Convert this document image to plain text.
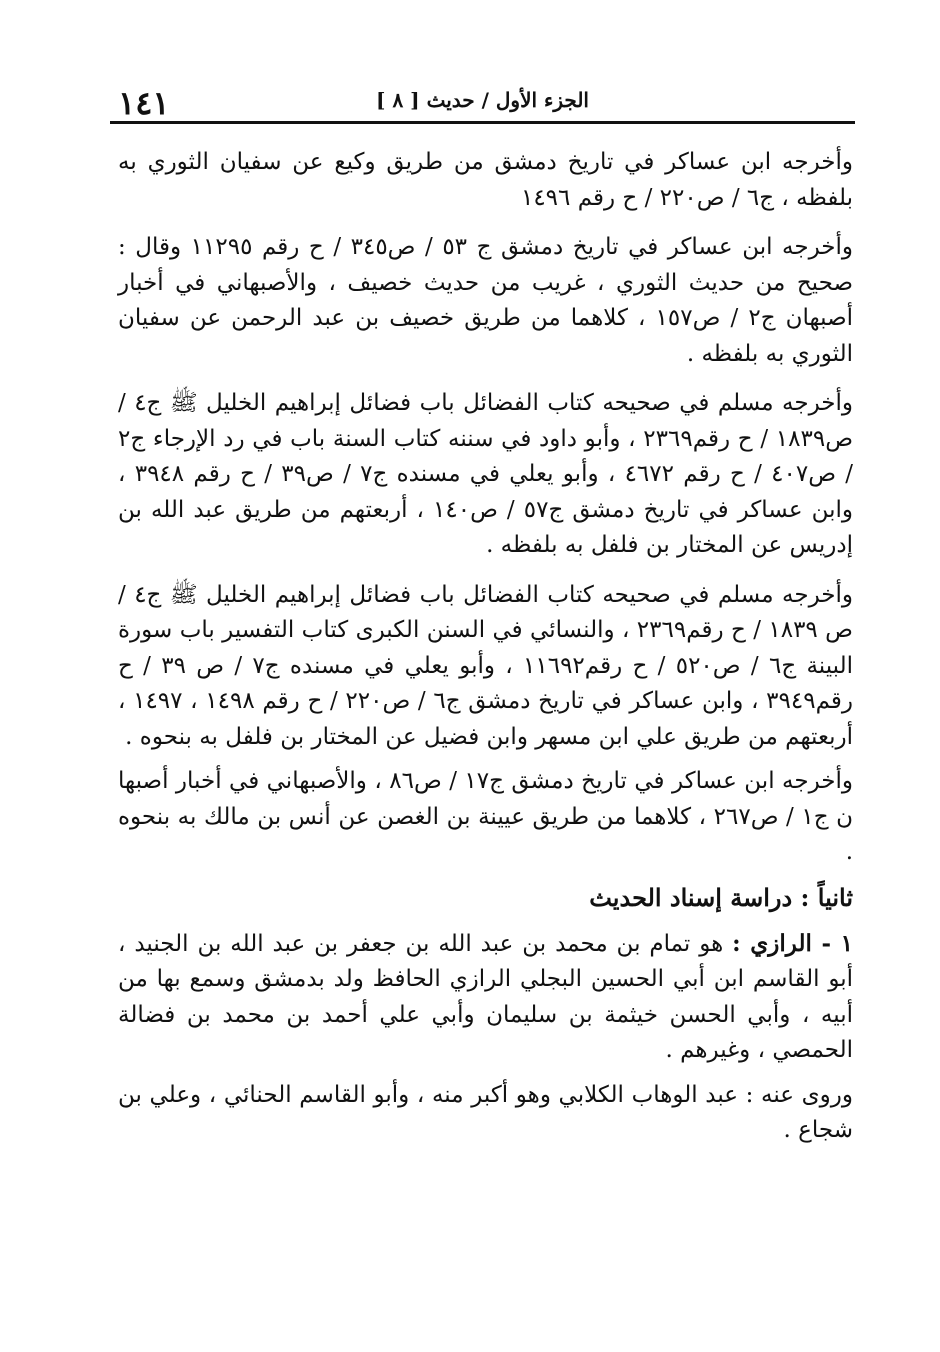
١٤١	الجزء الأول / حديث [ ٨ ]

وأخرجه ابن عساكر في تاريخ دمشق من طريق وكيع عن سفيان الثوري به بلفظه ، ج٦ / ص٢٢٠ / ح رقم ١٤٩٦

وأخرجه ابن عساكر في تاريخ دمشق ج ٥٣ / ص٣٤٥ / ح رقم ١١٢٩٥ وقال : صحيح من حديث الثوري ، غريب من حديث خصيف ، والأصبهاني في أخبار أصبهان ج٢ / ص١٥٧ ، كلاهما من طريق خصيف بن عبد الرحمن عن سفيان الثوري به بلفظه .

وأخرجه مسلم في صحيحه كتاب الفضائل باب فضائل إبراهيم الخليل ﷺ ج٤ / ص١٨٣٩ / ح رقم٢٣٦٩ ، وأبو داود في سننه كتاب السنة باب في رد الإرجاء ج٢ / ص٤٠٧ / ح رقم ٤٦٧٢ ، وأبو يعلي في مسنده ج٧ / ص٣٩ / ح رقم ٣٩٤٨ ، وابن عساكر في تاريخ دمشق ج٥٧ / ص١٤٠ ، أربعتهم من طريق عبد الله بن إدريس عن المختار بن فلفل به بلفظه .

وأخرجه مسلم في صحيحه كتاب الفضائل باب فضائل إبراهيم الخليل ﷺ ج٤ / ص ١٨٣٩ / ح رقم٢٣٦٩ ، والنسائي في السنن الكبرى كتاب التفسير باب سورة البينة ج٦ / ص٥٢٠ / ح رقم١١٦٩٢ ، وأبو يعلي في مسنده ج٧ / ص ٣٩ / ح رقم٣٩٤٩ ، وابن عساكر في تاريخ دمشق ج٦ / ص٢٢٠ / ح رقم ١٤٩٨ ، ١٤٩٧ ، أربعتهم من طريق علي ابن مسهر وابن فضيل عن المختار بن فلفل به بنحوه .

وأخرجه ابن عساكر في تاريخ دمشق ج١٧ / ص٨٦ ، والأصبهاني في أخبار أصبها ن ج١ / ص٢٦٧ ، كلاهما من طريق عيينة بن الغصن عن أنس بن مالك به بنحوه .

ثانياً : دراسة إسناد الحديث

١ - الرازي : هو تمام بن محمد بن عبد الله بن جعفر بن عبد الله بن الجنيد ، أبو القاسم ابن أبي الحسين البجلي الرازي الحافظ ولد بدمشق وسمع بها من أبيه ، وأبي الحسن خيثمة بن سليمان وأبي علي أحمد بن محمد بن فضالة الحمصي ، وغيرهم .

وروى عنه : عبد الوهاب الكلابي وهو أكبر منه ، وأبو القاسم الحنائي ، وعلي بن شجاع .
